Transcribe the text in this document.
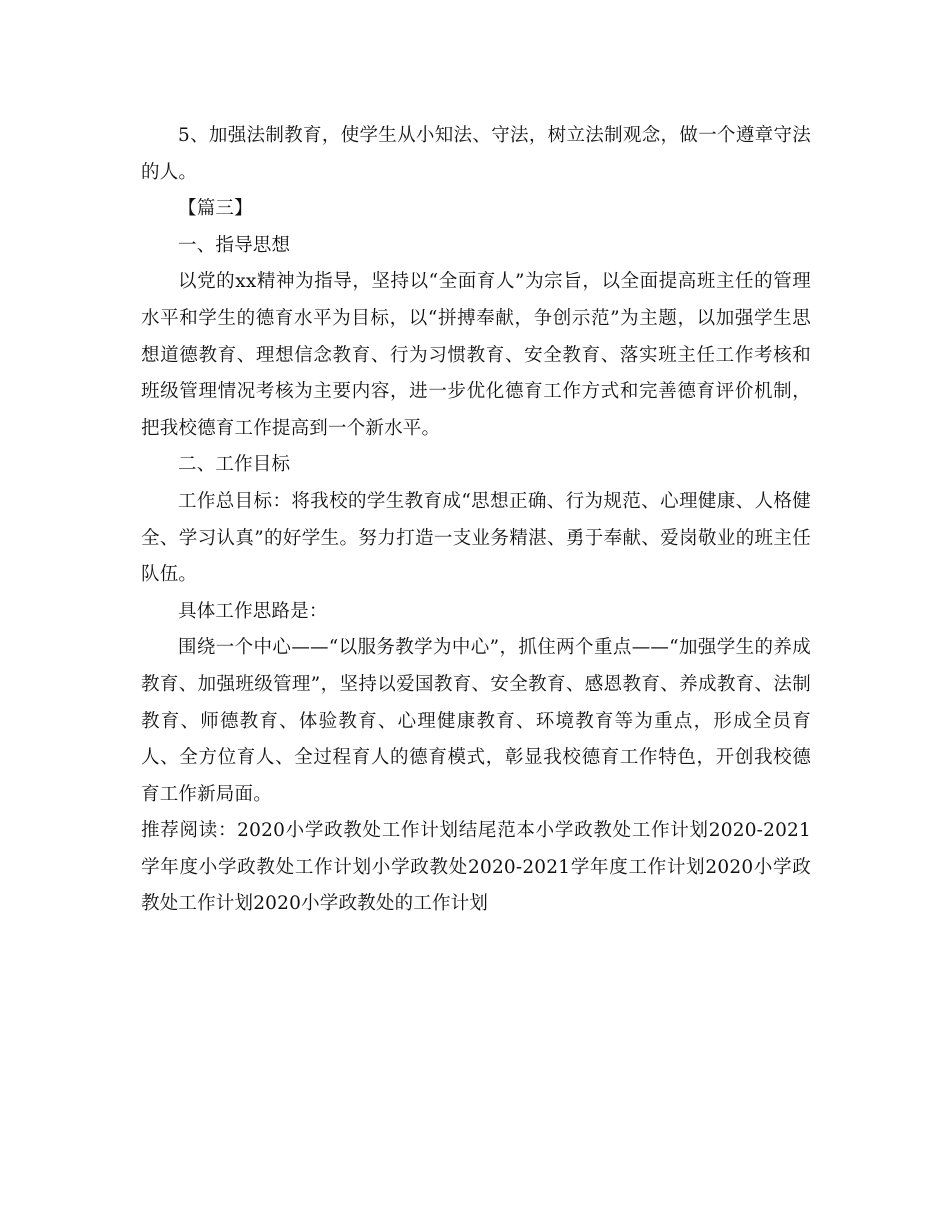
5、加强法制教育，使学生从小知法、守法，树立法制观念，做一个遵章守法的人。

【篇三】

一、指导思想

以党的xx精神为指导，坚持以“全面育人”为宗旨，以全面提高班主任的管理水平和学生的德育水平为目标，以“拼搏奉献，争创示范”为主题，以加强学生思想道德教育、理想信念教育、行为习惯教育、安全教育、落实班主任工作考核和班级管理情况考核为主要内容，进一步优化德育工作方式和完善德育评价机制，把我校德育工作提高到一个新水平。

二、工作目标

工作总目标：将我校的学生教育成“思想正确、行为规范、心理健康、人格健全、学习认真”的好学生。努力打造一支业务精湛、勇于奉献、爱岗敬业的班主任队伍。

具体工作思路是：

围绕一个中心——“以服务教学为中心”，抓住两个重点——“加强学生的养成教育、加强班级管理”，坚持以爱国教育、安全教育、感恩教育、养成教育、法制教育、师德教育、体验教育、心理健康教育、环境教育等为重点，形成全员育人、全方位育人、全过程育人的德育模式，彰显我校德育工作特色，开创我校德育工作新局面。

推荐阅读：2020小学政教处工作计划结尾范本小学政教处工作计划2020-2021学年度小学政教处工作计划小学政教处2020-2021学年度工作计划2020小学政教处工作计划2020小学政教处的工作计划
